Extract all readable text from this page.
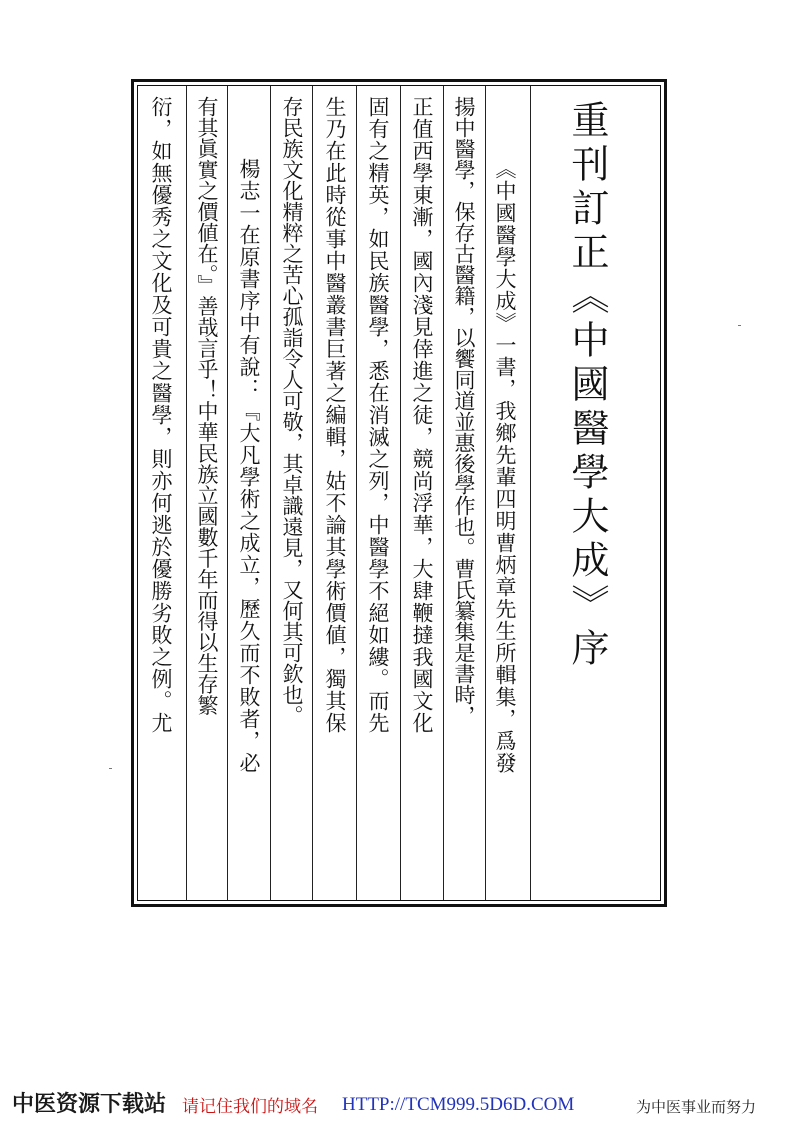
重刊訂正《中國醫學大成》序
《中國醫學大成》一書，我鄉先輩四明曹炳章先生所輯集，爲發
揚中醫學，保存古醫籍，以饗同道並惠後學作也。曹氏纂集是書時，
正值西學東漸，國內淺見倖進之徒，競尚浮華，大肆鞭撻我國文化
固有之精英，如民族醫學，悉在消滅之列，中醫學不絕如縷。而先
生乃在此時從事中醫叢書巨著之編輯，姑不論其學術價値，獨其保
存民族文化精粹之苦心孤詣令人可敬，其卓識遠見，又何其可欽也。
楊志一在原書序中有說：『大凡學術之成立，歷久而不敗者，必
有其眞實之價値在。』善哉言乎！中華民族立國數千年而得以生存繁
衍，如無優秀之文化及可貴之醫學，則亦何逃於優勝劣敗之例。尤
中医资源下载站 请记住我们的域名 HTTP://TCM999.5D6D.COM	为中医事业而努力
